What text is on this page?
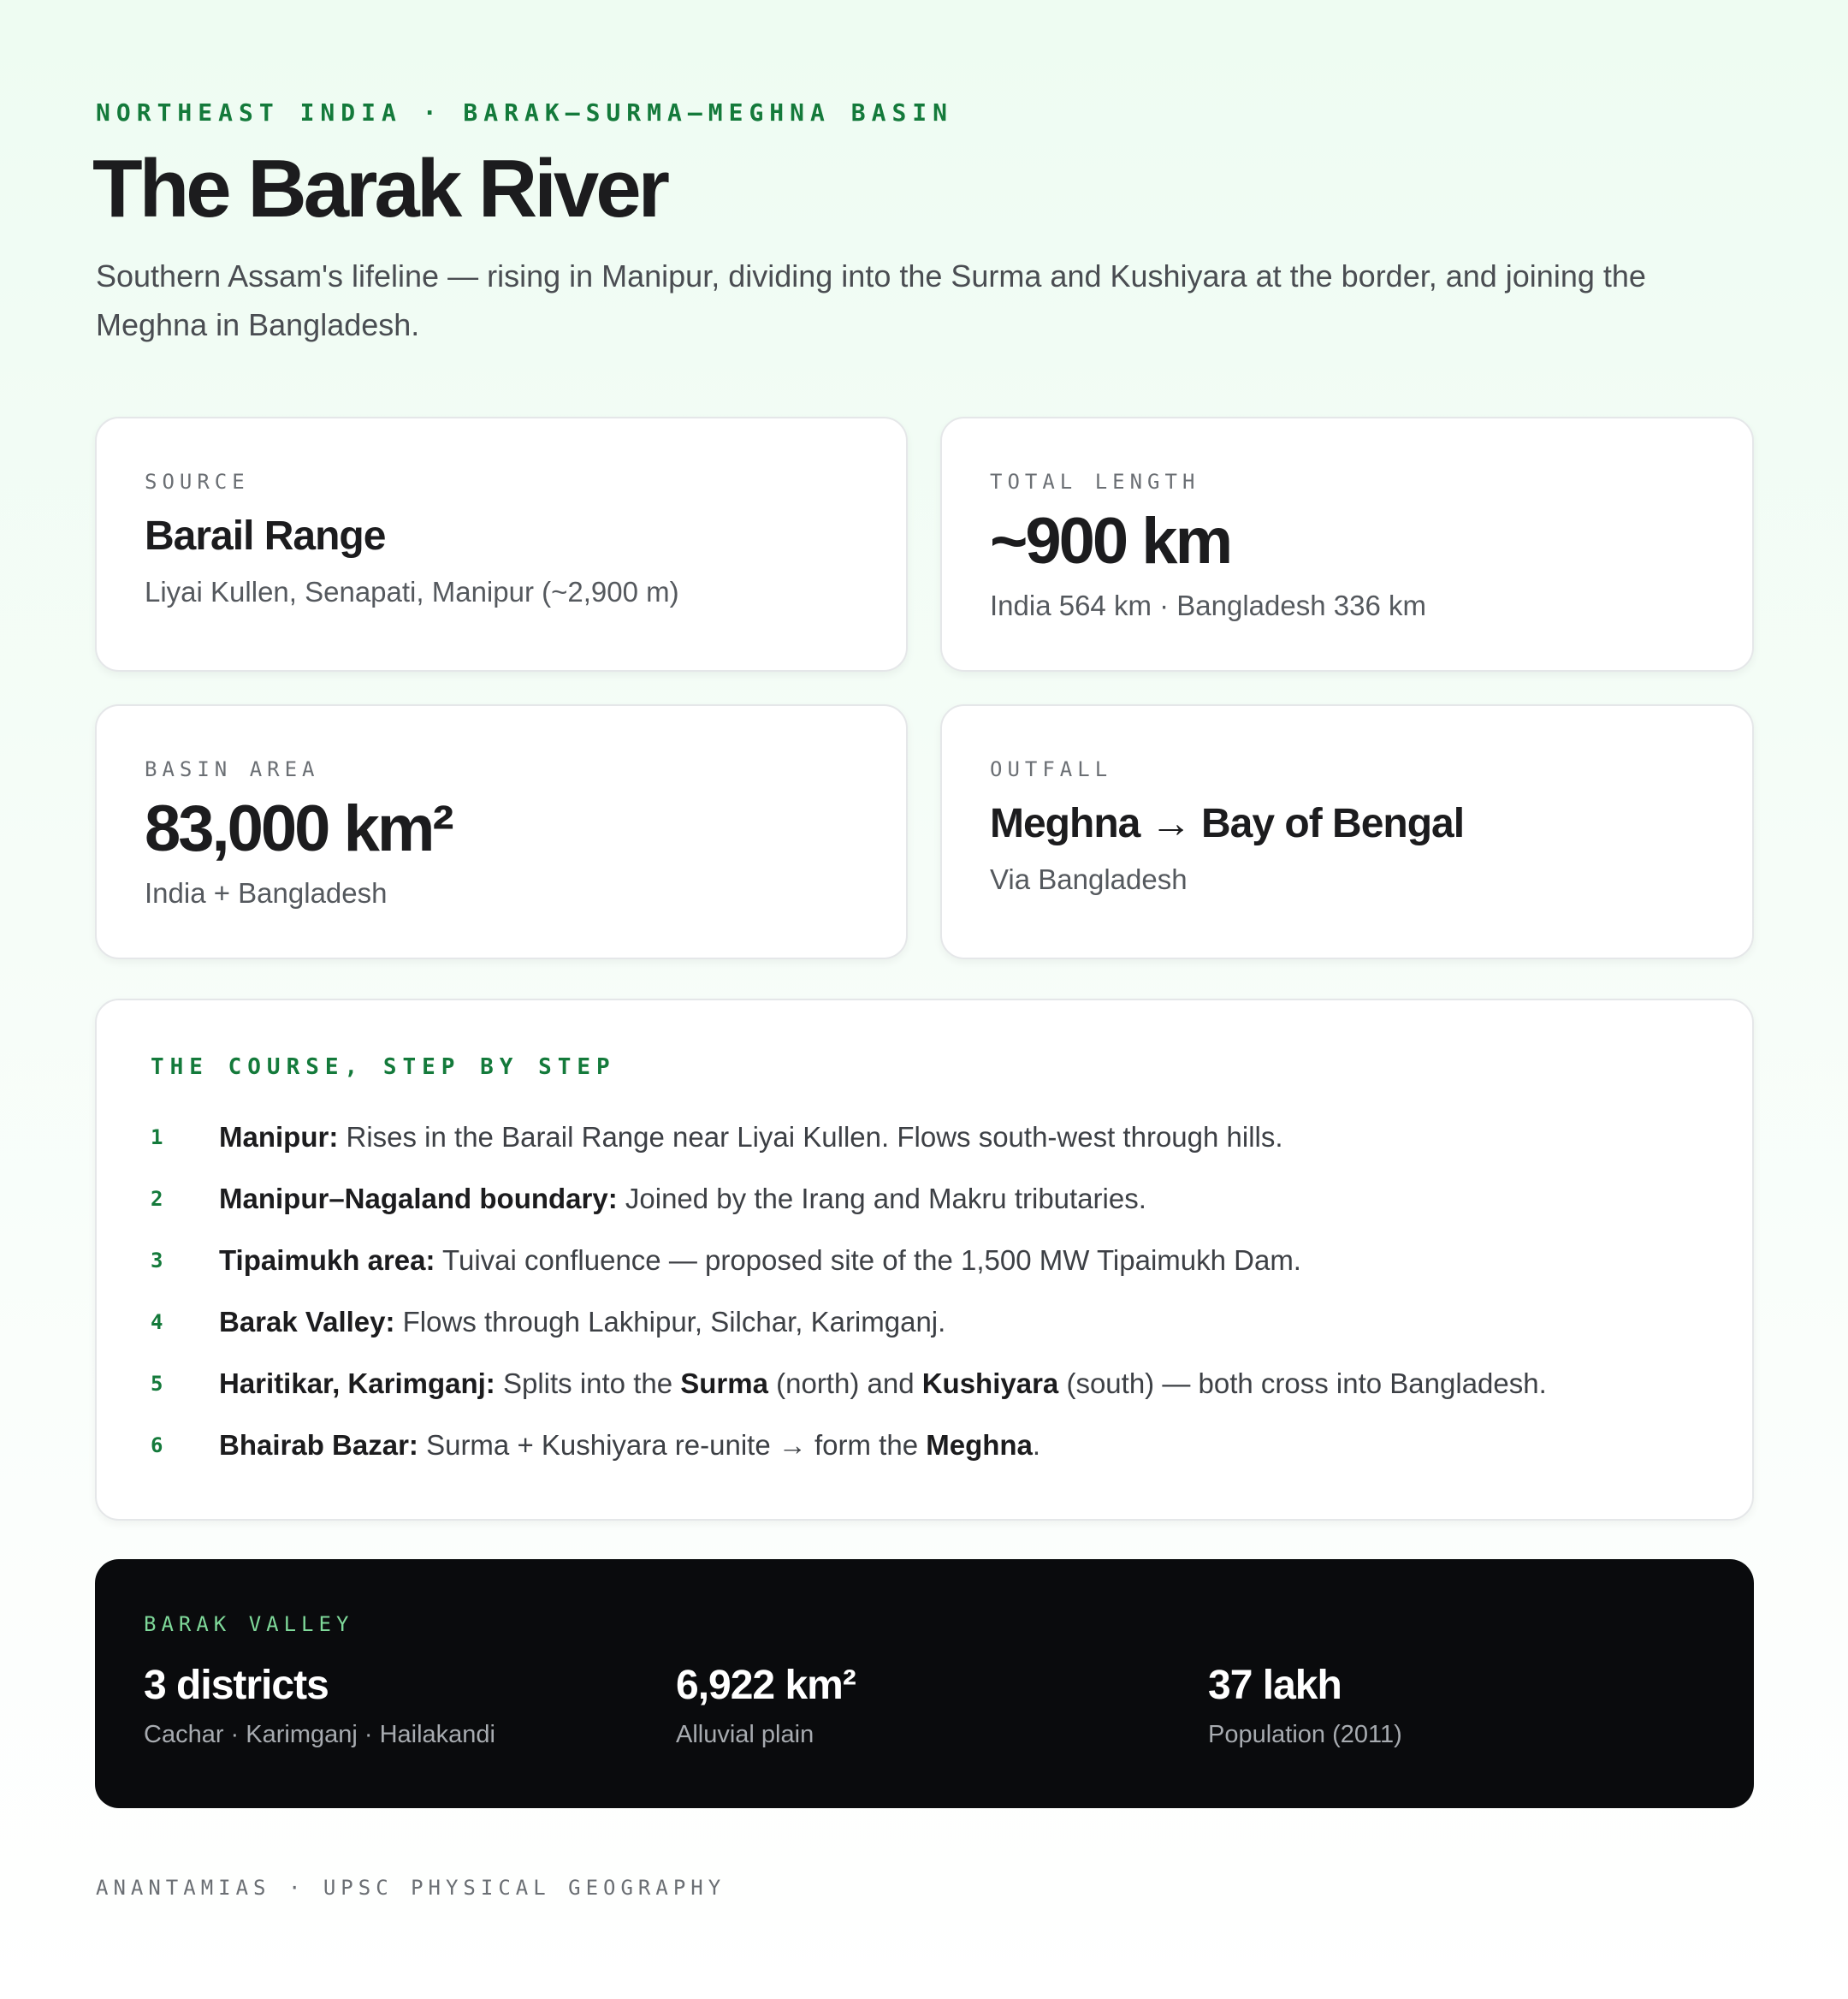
NORTHEAST INDIA · BARAK–SURMA–MEGHNA BASIN
The Barak River

Southern Assam's lifeline — rising in Manipur, dividing into the Surma and Kushiyara at the border, and joining the Meghna in Bangladesh.

SOURCE
Barail Range
Liyai Kullen, Senapati, Manipur (~2,900 m)
TOTAL LENGTH
~900 km
India 564 km · Bangladesh 336 km
BASIN AREA
83,000 km²
India + Bangladesh
OUTFALL
Meghna → Bay of Bengal
Via Bangladesh
THE COURSE, STEP BY STEP
1	Manipur: Rises in the Barail Range near Liyai Kullen. Flows south-west through hills.
2	Manipur–Nagaland boundary: Joined by the Irang and Makru tributaries.
3	Tipaimukh area: Tuivai confluence — proposed site of the 1,500 MW Tipaimukh Dam.
4	Barak Valley: Flows through Lakhipur, Silchar, Karimganj.
5	Haritikar, Karimganj: Splits into the Surma (north) and Kushiyara (south) — both cross into Bangladesh.
6	Bhairab Bazar: Surma + Kushiyara re-unite → form the Meghna.
BARAK VALLEY
3 districts
Cachar · Karimganj · Hailakandi
6,922 km²
Alluvial plain
37 lakh
Population (2011)
ANANTAMIAS · UPSC PHYSICAL GEOGRAPHY
